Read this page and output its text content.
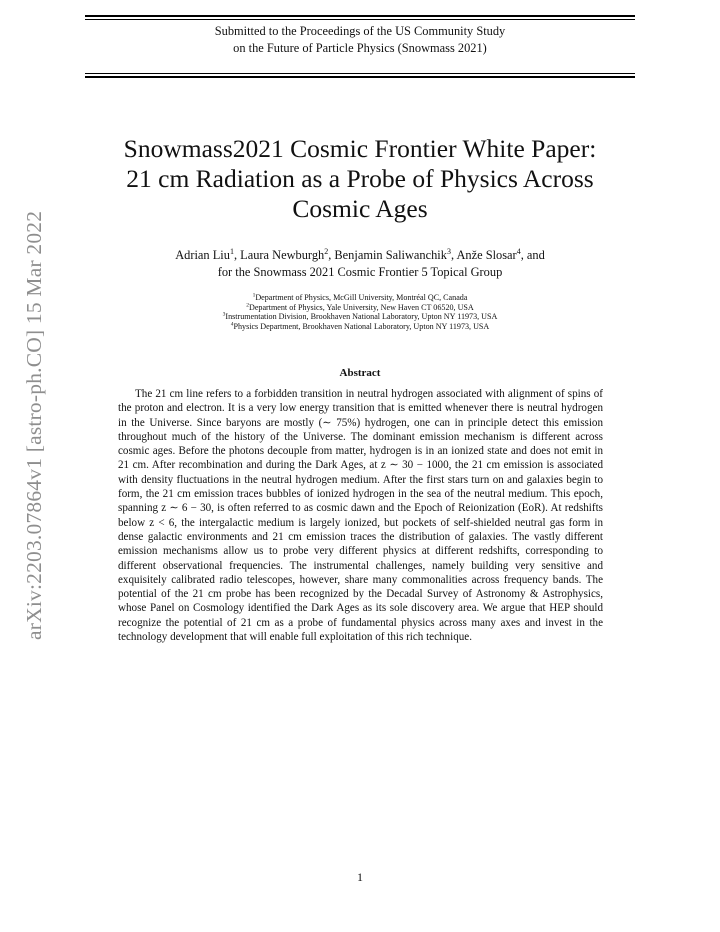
Submitted to the Proceedings of the US Community Study
on the Future of Particle Physics (Snowmass 2021)
arXiv:2203.07864v1 [astro-ph.CO] 15 Mar 2022
Snowmass2021 Cosmic Frontier White Paper:
21 cm Radiation as a Probe of Physics Across
Cosmic Ages
Adrian Liu$^1$, Laura Newburgh$^2$, Benjamin Saliwanchik$^3$, Anže Slosar$^4$, and
for the Snowmass 2021 Cosmic Frontier 5 Topical Group
$^1$Department of Physics, McGill University, Montréal QC, Canada
$^2$Department of Physics, Yale University, New Haven CT 06520, USA
$^3$Instrumentation Division, Brookhaven National Laboratory, Upton NY 11973, USA
$^4$Physics Department, Brookhaven National Laboratory, Upton NY 11973, USA
Abstract
The 21 cm line refers to a forbidden transition in neutral hydrogen associated with alignment of spins of the proton and electron. It is a very low energy transition that is emitted whenever there is neutral hydrogen in the Universe. Since baryons are mostly (∼ 75%) hydrogen, one can in principle detect this emission throughout much of the history of the Universe. The dominant emission mechanism is different across cosmic ages. Before the photons decouple from matter, hydrogen is in an ionized state and does not emit in 21 cm. After recombination and during the Dark Ages, at z ∼ 30 − 1000, the 21 cm emission is associated with density fluctuations in the neutral hydrogen medium. After the first stars turn on and galaxies begin to form, the 21 cm emission traces bubbles of ionized hydrogen in the sea of the neutral medium. This epoch, spanning z ∼ 6 − 30, is often referred to as cosmic dawn and the Epoch of Reionization (EoR). At redshifts below z < 6, the intergalactic medium is largely ionized, but pockets of self-shielded neutral gas form in dense galactic environments and 21 cm emission traces the distribution of galaxies. The vastly different emission mechanisms allow us to probe very different physics at different redshifts, corresponding to different observational frequencies. The instrumental challenges, namely building very sensitive and exquisitely calibrated radio telescopes, however, share many commonalities across frequency bands. The potential of the 21 cm probe has been recognized by the Decadal Survey of Astronomy & Astrophysics, whose Panel on Cosmology identified the Dark Ages as its sole discovery area. We argue that HEP should recognize the potential of 21 cm as a probe of fundamental physics across many axes and invest in the technology development that will enable full exploitation of this rich technique.
1
